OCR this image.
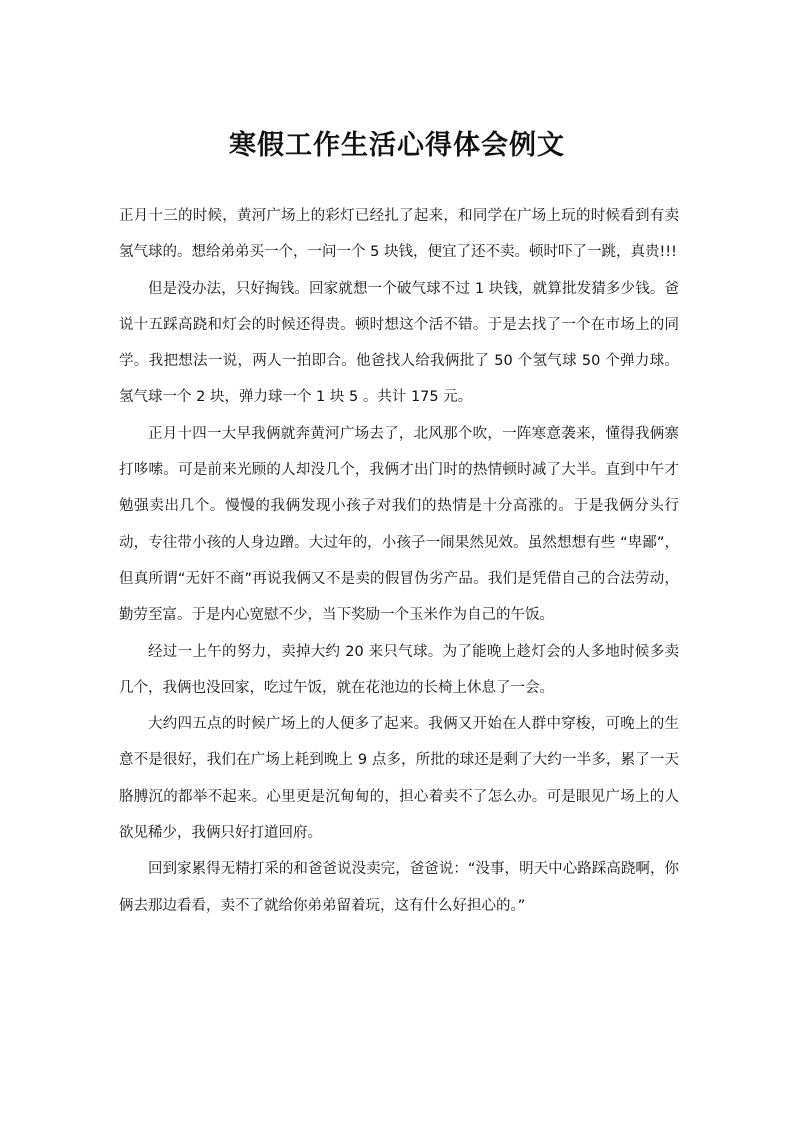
寒假工作生活心得体会例文

正月十三的时候，黄河广场上的彩灯已经扎了起来，和同学在广场上玩的时候看到有卖氢气球的。想给弟弟买一个，一问一个 5 块钱，便宜了还不卖。顿时吓了一跳，真贵!!!

但是没办法，只好掏钱。回家就想一个破气球不过 1 块钱，就算批发猜多少钱。爸说十五踩高跷和灯会的时候还得贵。顿时想这个活不错。于是去找了一个在市场上的同学。我把想法一说，两人一拍即合。他爸找人给我俩批了 50 个氢气球 50 个弹力球。氢气球一个 2 块，弹力球一个 1 块 5 。共计 175 元。

正月十四一大早我俩就奔黄河广场去了，北风那个吹，一阵寒意袭来，懂得我俩寨打哆嗦。可是前来光顾的人却没几个，我俩才出门时的热情顿时减了大半。直到中午才勉强卖出几个。慢慢的我俩发现小孩子对我们的热情是十分高涨的。于是我俩分头行动，专往带小孩的人身边蹭。大过年的，小孩子一闹果然见效。虽然想想有些 “卑鄙”，但真所谓“无奸不商”再说我俩又不是卖的假冒伪劣产品。我们是凭借自己的合法劳动，勤劳至富。于是内心宽慰不少，当下奖励一个玉米作为自己的午饭。

经过一上午的努力，卖掉大约 20 来只气球。为了能晚上趁灯会的人多地时候多卖几个，我俩也没回家，吃过午饭，就在花池边的长椅上休息了一会。

大约四五点的时候广场上的人便多了起来。我俩又开始在人群中穿梭，可晚上的生意不是很好，我们在广场上耗到晚上 9 点多，所批的球还是剩了大约一半多，累了一天胳膊沉的都举不起来。心里更是沉甸甸的，担心着卖不了怎么办。可是眼见广场上的人欲见稀少，我俩只好打道回府。

回到家累得无精打采的和爸爸说没卖完，爸爸说：“没事，明天中心路踩高跷啊，你俩去那边看看，卖不了就给你弟弟留着玩，这有什么好担心的。”
